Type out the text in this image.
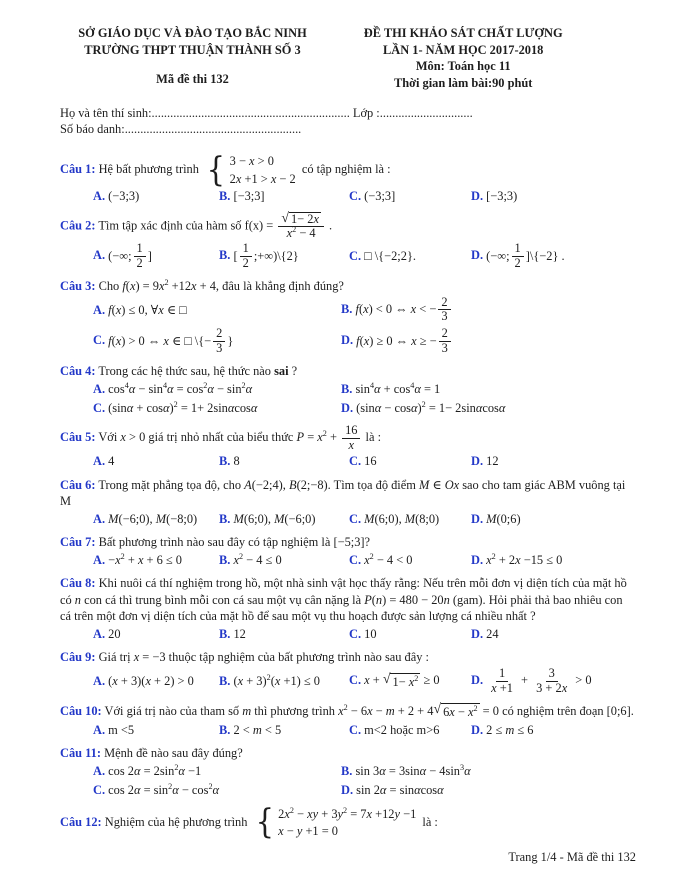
SỞ GIÁO DỤC VÀ ĐÀO TẠO BẮC NINH
TRƯỜNG THPT THUẬN THÀNH SỐ 3
Mã đề thi 132
ĐỀ THI KHẢO SÁT CHẤT LƯỢNG
LẦN 1- NĂM HỌC 2017-2018
Môn: Toán học 11
Thời gian làm bài:90 phút
Họ và tên thí sinh:................................................................ Lớp :..............................
Số báo danh:.........................................................
Câu 1: Hệ bất phương trình { 3 − x > 0
2x +1 > x − 2
có tập nghiệm là :
A. (−3;3)	B. [−3;3]	C. (−3;3]	D. [−3;3)
Câu 2: Tìm tập xác định của hàm số $f(x) = \frac{√ 1- 2x}{x^2 - 4}$ .
A. (−∞; $\frac{1}{2}$ ]	B. [ $\frac{1}{2}$ ;+∞)\{2}	C. □ \{−2;2}.	D. (−∞; $\frac{1}{2}$ ]\{−2} .
Câu 3: Cho $f(x) = 9x^2 +12x + 4$, đâu là khẳng định đúng?
A. f(x) ≤ 0, ∀x ∈ □	B. f(x) < 0 ⇔ x < − $\frac{2}{3}$
C. f(x) > 0 ⇔ x ∈ □ \{− $\frac{2}{3}$ }	D. f(x) ≥ 0 ⇔ x ≥ − $\frac{2}{3}$
Câu 4: Trong các hệ thức sau, hệ thức nào sai ?
A. $\cos^4\alpha - \sin^4\alpha = \cos^2\alpha - \sin^2\alpha$	B. $\sin^4\alpha + \cos^4\alpha = 1$
C. $(\sin\alpha + \cos\alpha)^2 = 1+ 2\sin\alpha\cos\alpha$	D. $(\sin\alpha - \cos\alpha)^2 = 1- 2\sin\alpha\cos\alpha$
Câu 5: Với x > 0 giá trị nhỏ nhất của biểu thức $P = x^2 + \frac{16}{x}$ là :
A. 4	B. 8	C. 16	D. 12
Câu 6: Trong mặt phẳng tọa độ, cho A(−2;4), B(2;−8). Tìm tọa độ điểm M ∈ Ox sao cho tam giác ABM vuông tại M
A. M(−6;0), M(−8;0)	B. M(6;0), M(−6;0)	C. M(6;0), M(8;0)	D. M(0;6)
Câu 7: Bất phương trình nào sau đây có tập nghiệm là [−5;3]?
A. $-x^2 + x + 6 \le 0$	B. $x^2 - 4 \le 0$	C. $x^2 - 4 < 0$	D. $x^2 + 2x -15 \le 0$
Câu 8: Khi nuôi cá thí nghiệm trong hồ, một nhà sinh vật học thấy rằng: Nếu trên mỗi đơn vị diện tích của mặt hồ có n con cá thì trung bình mỗi con cá sau một vụ cân nặng là P(n) = 480 − 20n (gam). Hỏi phải thả bao nhiêu con cá trên một đơn vị diện tích của mặt hồ để sau một vụ thu hoạch được sản lượng cá nhiều nhất ?
A. 20	B. 12	C. 10	D. 24
Câu 9: Giá trị x = −3 thuộc tập nghiệm của bất phương trình nào sau đây :
A. (x + 3)(x + 2) > 0	B. $(x + 3)^2(x +1) \le 0$	C. x + √ $1- x^2 \ge 0$	D. $\frac{1}{x +1} + \frac{3}{3 + 2x} > 0$
Câu 10: Với giá trị nào của tham số m thì phương trình $x^2 - 6x - m + 2 + 4$ √ $6x - x^2 = 0$ có nghiệm trên đoạn [0;6].
A. m <5	B. 2 < m < 5	C. m<2 hoặc m>6	D. 2 ≤ m ≤ 6
Câu 11: Mệnh đề nào sau đây đúng?
A. $\cos 2\alpha = 2\sin^2\alpha -1$	B. $\sin 3\alpha = 3\sin\alpha - 4\sin^3\alpha$
C. $\cos 2\alpha = \sin^2\alpha - \cos^2\alpha$	D. sin 2α = sinαcosα
Câu 12: Nghiệm của hệ phương trình { $2x^2$ − xy + $3y^2 = 7x +12y -1$
x − y +1 = 0
là :
Trang 1/4 - Mã đề thi 132
